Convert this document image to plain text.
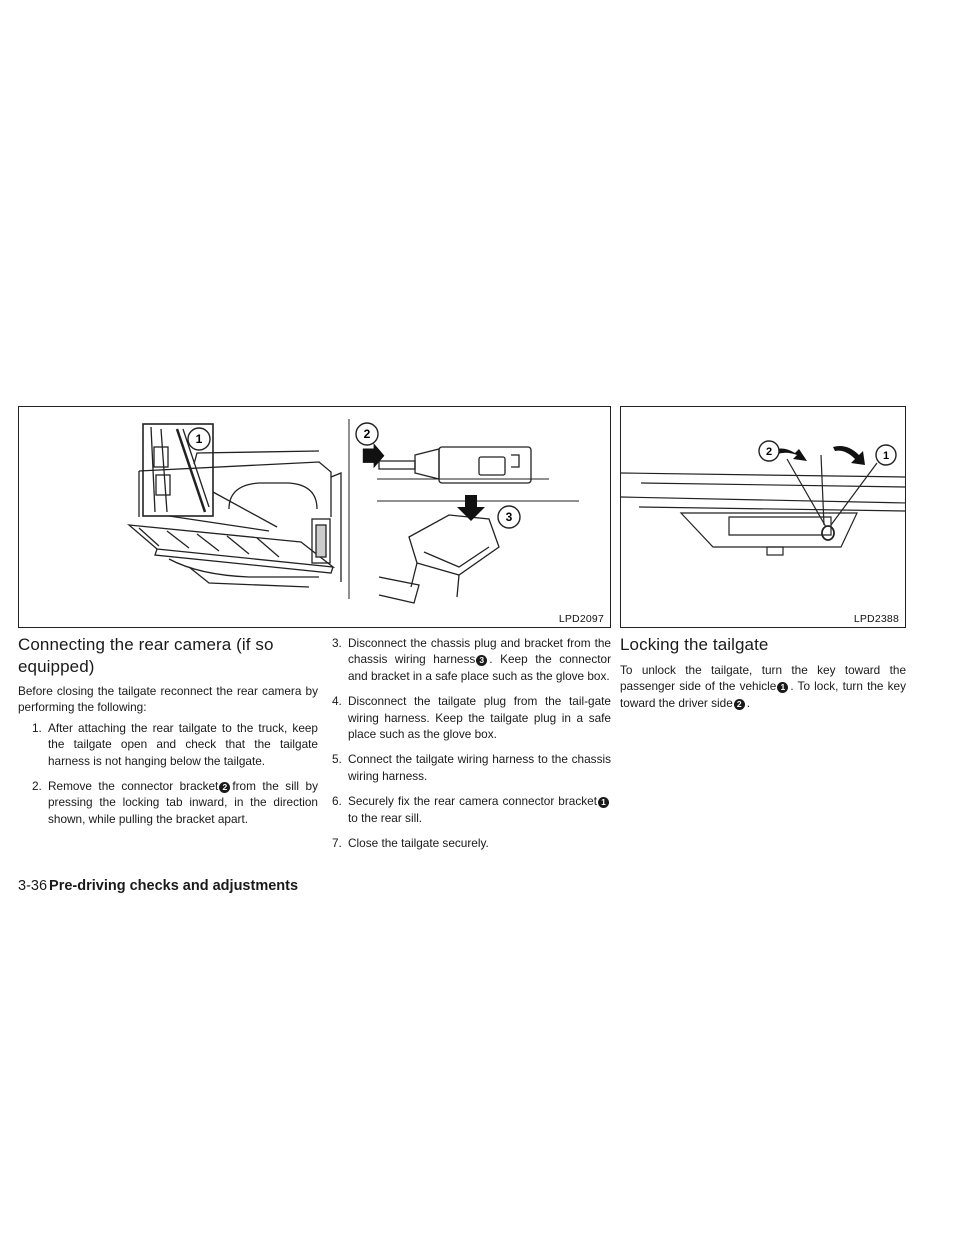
1	2
3
LPD2097
2	1
LPD2388
Connecting the rear camera (if so equipped)

Before closing the tailgate reconnect the rear camera by performing the following:

1. After attaching the rear tailgate to the truck, keep the tailgate open and check that the tailgate harness is not hanging below the tailgate.
2. Remove the connector bracket 2 from the sill by pressing the locking tab inward, in the direction shown, while pulling the bracket apart.
3. Disconnect the chassis plug and bracket from the chassis wiring harness 3 . Keep the connector and bracket in a safe place such as the glove box.
4. Disconnect the tailgate plug from the tail-gate wiring harness. Keep the tailgate plug in a safe place such as the glove box.
5. Connect the tailgate wiring harness to the chassis wiring harness.
6. Securely fix the rear camera connector bracket 1to the rear sill.
7. Close the tailgate securely.
Locking the tailgate

To unlock the tailgate, turn the key toward the passenger side of the vehicle 1 . To lock, turn the key toward the driver side 2 .

3-36 Pre-driving checks and adjustments
